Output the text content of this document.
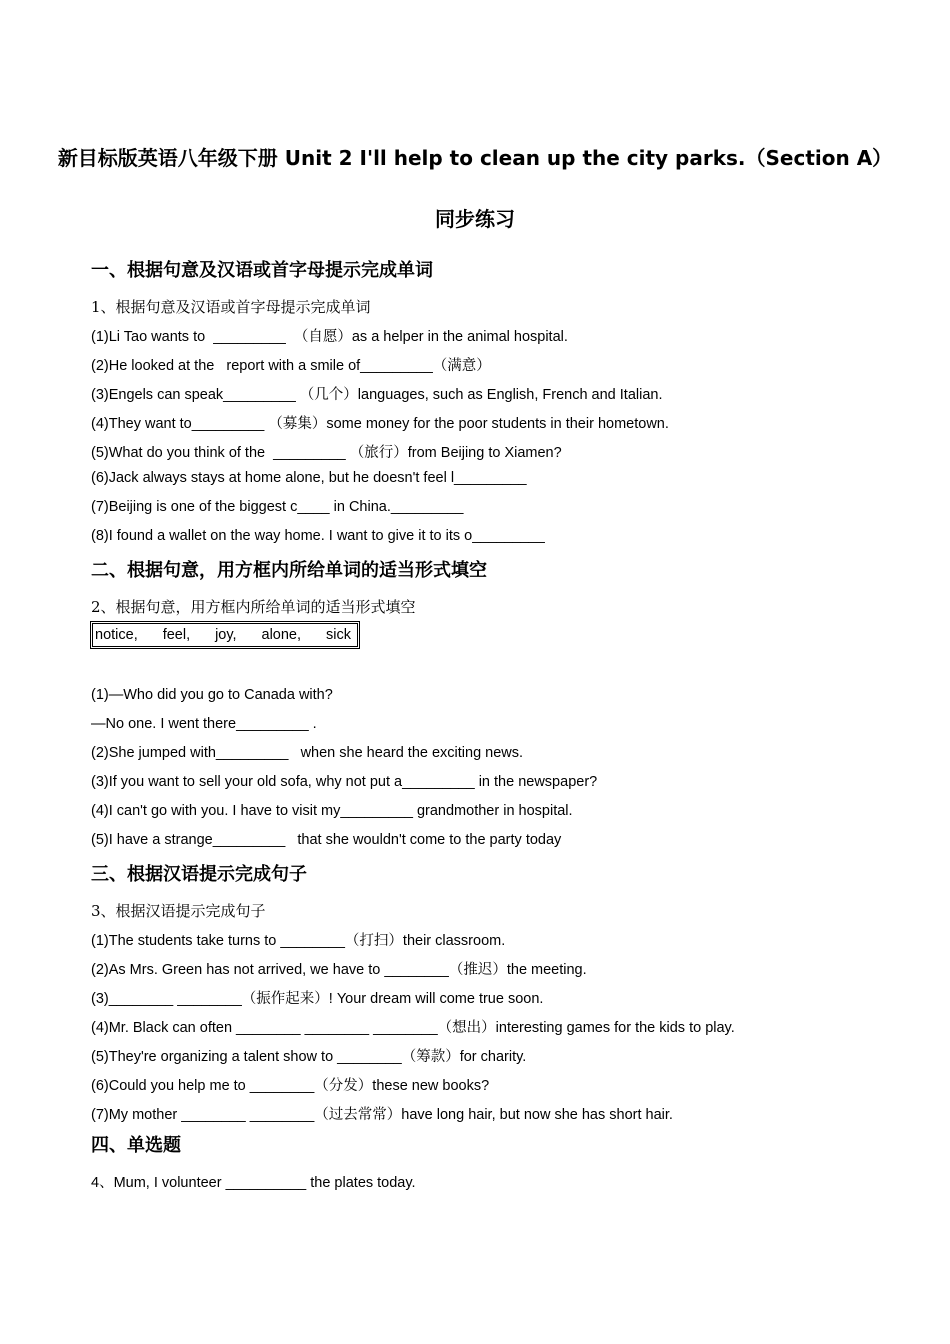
新目标版英语八年级下册 Unit 2 I'll help to clean up the city parks.（Section A）
同步练习
一、根据句意及汉语或首字母提示完成单词
1、根据句意及汉语或首字母提示完成单词
(1)Li Tao wants to  _________  （自愿）as a helper in the animal hospital.
(2)He looked at the   report with a smile of_________（满意）
(3)Engels can speak_________ （几个）languages, such as English, French and Italian.
(4)They want to_________ （募集）some money for the poor students in their hometown.
(5)What do you think of the  _________ （旅行）from Beijing to Xiamen?
(6)Jack always stays at home alone, but he doesn't feel l_________
(7)Beijing is one of the biggest c____ in China._________
(8)I found a wallet on the way home. I want to give it to its o_________
二、根据句意，用方框内所给单词的适当形式填空
2、根据句意，用方框内所给单词的适当形式填空
notice, feel, joy, alone, sick
(1)—Who did you go to Canada with?
—No one. I went there_________ .
(2)She jumped with_________   when she heard the exciting news.
(3)If you want to sell your old sofa, why not put a_________ in the newspaper?
(4)I can't go with you. I have to visit my_________ grandmother in hospital.
(5)I have a strange_________   that she wouldn't come to the party today
三、根据汉语提示完成句子
3、根据汉语提示完成句子
(1)The students take turns to ________（打扫）their classroom.
(2)As Mrs. Green has not arrived, we have to ________（推迟）the meeting.
(3)________ ________（振作起来）! Your dream will come true soon.
(4)Mr. Black can often ________ ________ ________（想出）interesting games for the kids to play.
(5)They're organizing a talent show to ________（筹款）for charity.
(6)Could you help me to ________（分发）these new books?
(7)My mother ________ ________（过去常常）have long hair, but now she has short hair.
四、单选题
4、Mum, I volunteer __________ the plates today.
